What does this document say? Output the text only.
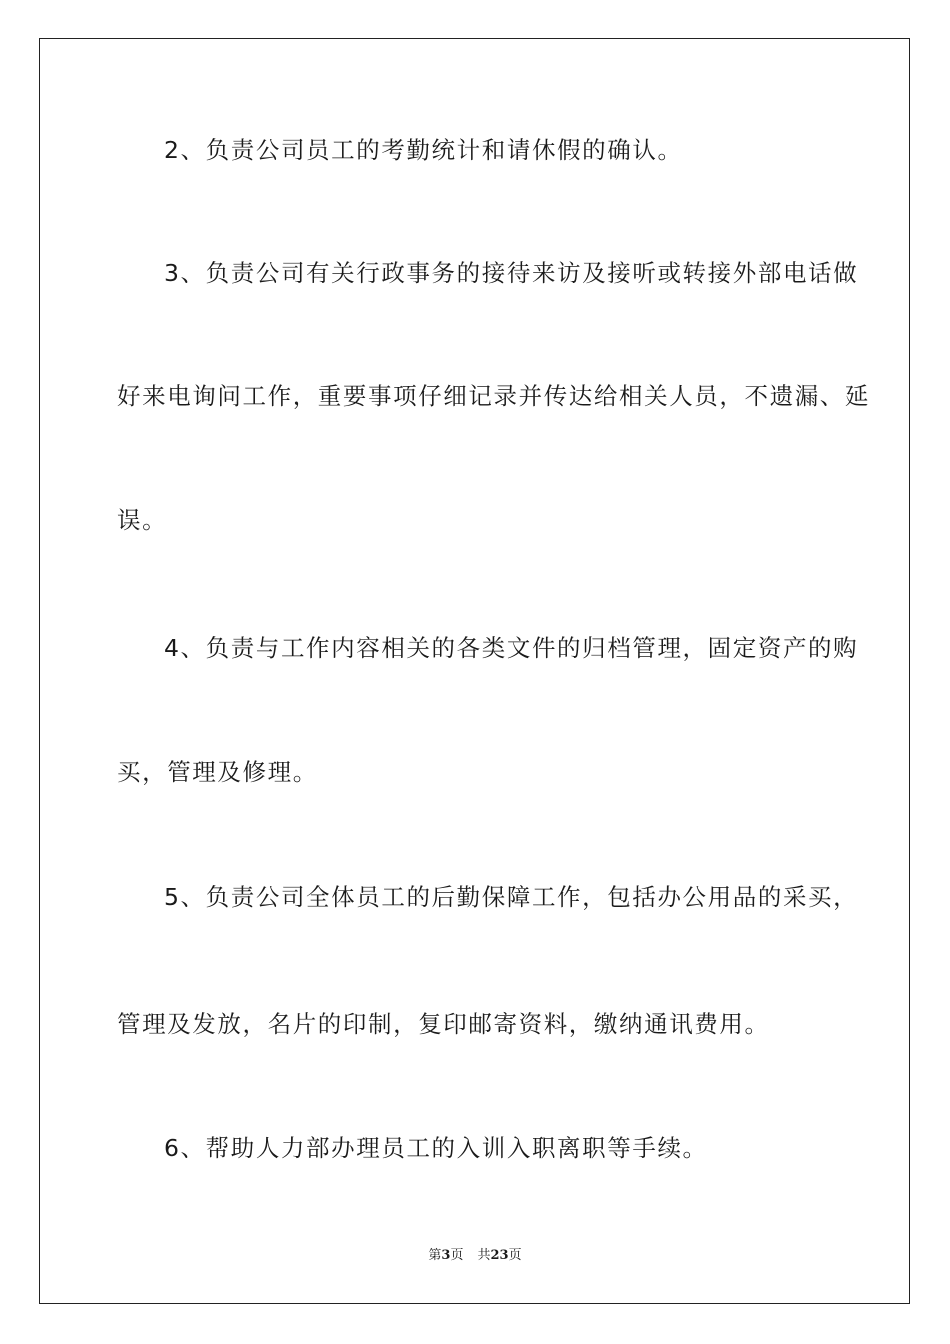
2、负责公司员工的考勤统计和请休假的确认。
3、负责公司有关行政事务的接待来访及接听或转接外部电话做
好来电询问工作，重要事项仔细记录并传达给相关人员，不遗漏、延
误。
4、负责与工作内容相关的各类文件的归档管理，固定资产的购
买，管理及修理。
5、负责公司全体员工的后勤保障工作，包括办公用品的采买，
管理及发放，名片的印制，复印邮寄资料，缴纳通讯费用。
6、帮助人力部办理员工的入训入职离职等手续。
第3页 共23页
